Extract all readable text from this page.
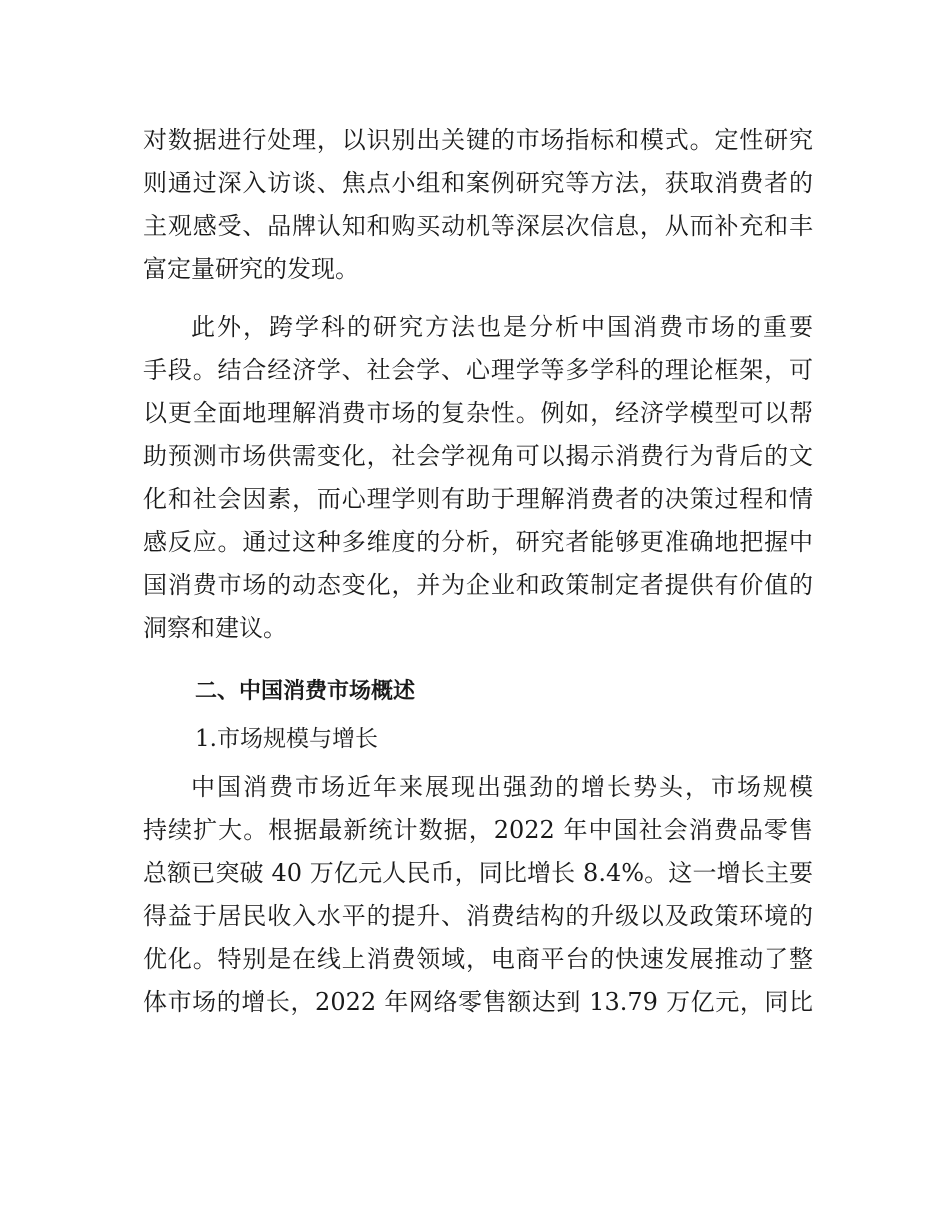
对数据进行处理，以识别出关键的市场指标和模式。定性研究
则通过深入访谈、焦点小组和案例研究等方法，获取消费者的
主观感受、品牌认知和购买动机等深层次信息，从而补充和丰
富定量研究的发现。
此外，跨学科的研究方法也是分析中国消费市场的重要
手段。结合经济学、社会学、心理学等多学科的理论框架，可
以更全面地理解消费市场的复杂性。例如，经济学模型可以帮
助预测市场供需变化，社会学视角可以揭示消费行为背后的文
化和社会因素，而心理学则有助于理解消费者的决策过程和情
感反应。通过这种多维度的分析，研究者能够更准确地把握中
国消费市场的动态变化，并为企业和政策制定者提供有价值的
洞察和建议。
二、中国消费市场概述
1.市场规模与增长
中国消费市场近年来展现出强劲的增长势头，市场规模
持续扩大。根据最新统计数据，2022 年中国社会消费品零售
总额已突破 40 万亿元人民币，同比增长 8.4%。这一增长主要
得益于居民收入水平的提升、消费结构的升级以及政策环境的
优化。特别是在线上消费领域，电商平台的快速发展推动了整
体市场的增长，2022 年网络零售额达到 13.79 万亿元，同比
